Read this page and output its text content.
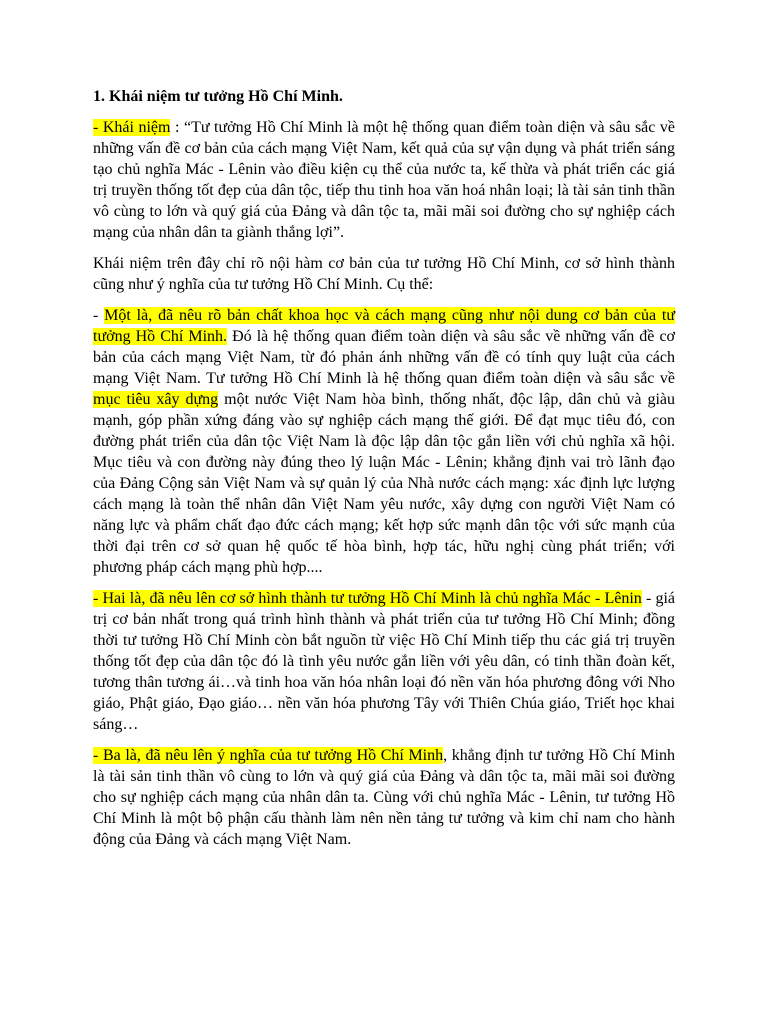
1. Khái niệm tư tưởng Hồ Chí Minh.

- Khái niệm : “Tư tưởng Hồ Chí Minh là một hệ thống quan điểm toàn diện và sâu sắc về những vấn đề cơ bản của cách mạng Việt Nam, kết quả của sự vận dụng và phát triển sáng tạo chủ nghĩa Mác - Lênin vào điều kiện cụ thể của nước ta, kế thừa và phát triển các giá trị truyền thống tốt đẹp của dân tộc, tiếp thu tinh hoa văn hoá nhân loại; là tài sản tinh thần vô cùng to lớn và quý giá của Đảng và dân tộc ta, mãi mãi soi đường cho sự nghiệp cách mạng của nhân dân ta giành thắng lợi”.

Khái niệm trên đây chỉ rõ nội hàm cơ bản của tư tưởng Hồ Chí Minh, cơ sở hình thành cũng như ý nghĩa của tư tưởng Hồ Chí Minh. Cụ thể:

- Một là, đã nêu rõ bản chất khoa học và cách mạng cũng như nội dung cơ bản của tư tưởng Hồ Chí Minh. Đó là hệ thống quan điểm toàn diện và sâu sắc về những vấn đề cơ bản của cách mạng Việt Nam, từ đó phản ánh những vấn đề có tính quy luật của cách mạng Việt Nam. Tư tưởng Hồ Chí Minh là hệ thống quan điểm toàn diện và sâu sắc về mục tiêu xây dựng một nước Việt Nam hòa bình, thống nhất, độc lập, dân chủ và giàu mạnh, góp phần xứng đáng vào sự nghiệp cách mạng thế giới. Để đạt mục tiêu đó, con đường phát triển của dân tộc Việt Nam là độc lập dân tộc gắn liền với chủ nghĩa xã hội. Mục tiêu và con đường này đúng theo lý luận Mác - Lênin; khẳng định vai trò lãnh đạo của Đảng Cộng sản Việt Nam và sự quản lý của Nhà nước cách mạng: xác định lực lượng cách mạng là toàn thể nhân dân Việt Nam yêu nước, xây dựng con người Việt Nam có năng lực và phẩm chất đạo đức cách mạng; kết hợp sức mạnh dân tộc với sức mạnh của thời đại trên cơ sở quan hệ quốc tế hòa bình, hợp tác, hữu nghị cùng phát triển; với phương pháp cách mạng phù hợp....

- Hai là, đã nêu lên cơ sở hình thành tư tưởng Hồ Chí Minh là chủ nghĩa Mác - Lênin - giá trị cơ bản nhất trong quá trình hình thành và phát triển của tư tưởng Hồ Chí Minh; đồng thời tư tưởng Hồ Chí Minh còn bắt nguồn từ việc Hồ Chí Minh tiếp thu các giá trị truyền thống tốt đẹp của dân tộc đó là tình yêu nước gắn liền với yêu dân, có tinh thần đoàn kết, tương thân tương ái…và tinh hoa văn hóa nhân loại đó nền văn hóa phương đông với Nho giáo, Phật giáo, Đạo giáo… nền văn hóa phương Tây với Thiên Chúa giáo, Triết học khai sáng…

- Ba là, đã nêu lên ý nghĩa của tư tưởng Hồ Chí Minh, khẳng định tư tưởng Hồ Chí Minh là tài sản tinh thần vô cùng to lớn và quý giá của Đảng và dân tộc ta, mãi mãi soi đường cho sự nghiệp cách mạng của nhân dân ta. Cùng với chủ nghĩa Mác - Lênin, tư tưởng Hồ Chí Minh là một bộ phận cấu thành làm nên nền tảng tư tưởng và kim chỉ nam cho hành động của Đảng và cách mạng Việt Nam.
